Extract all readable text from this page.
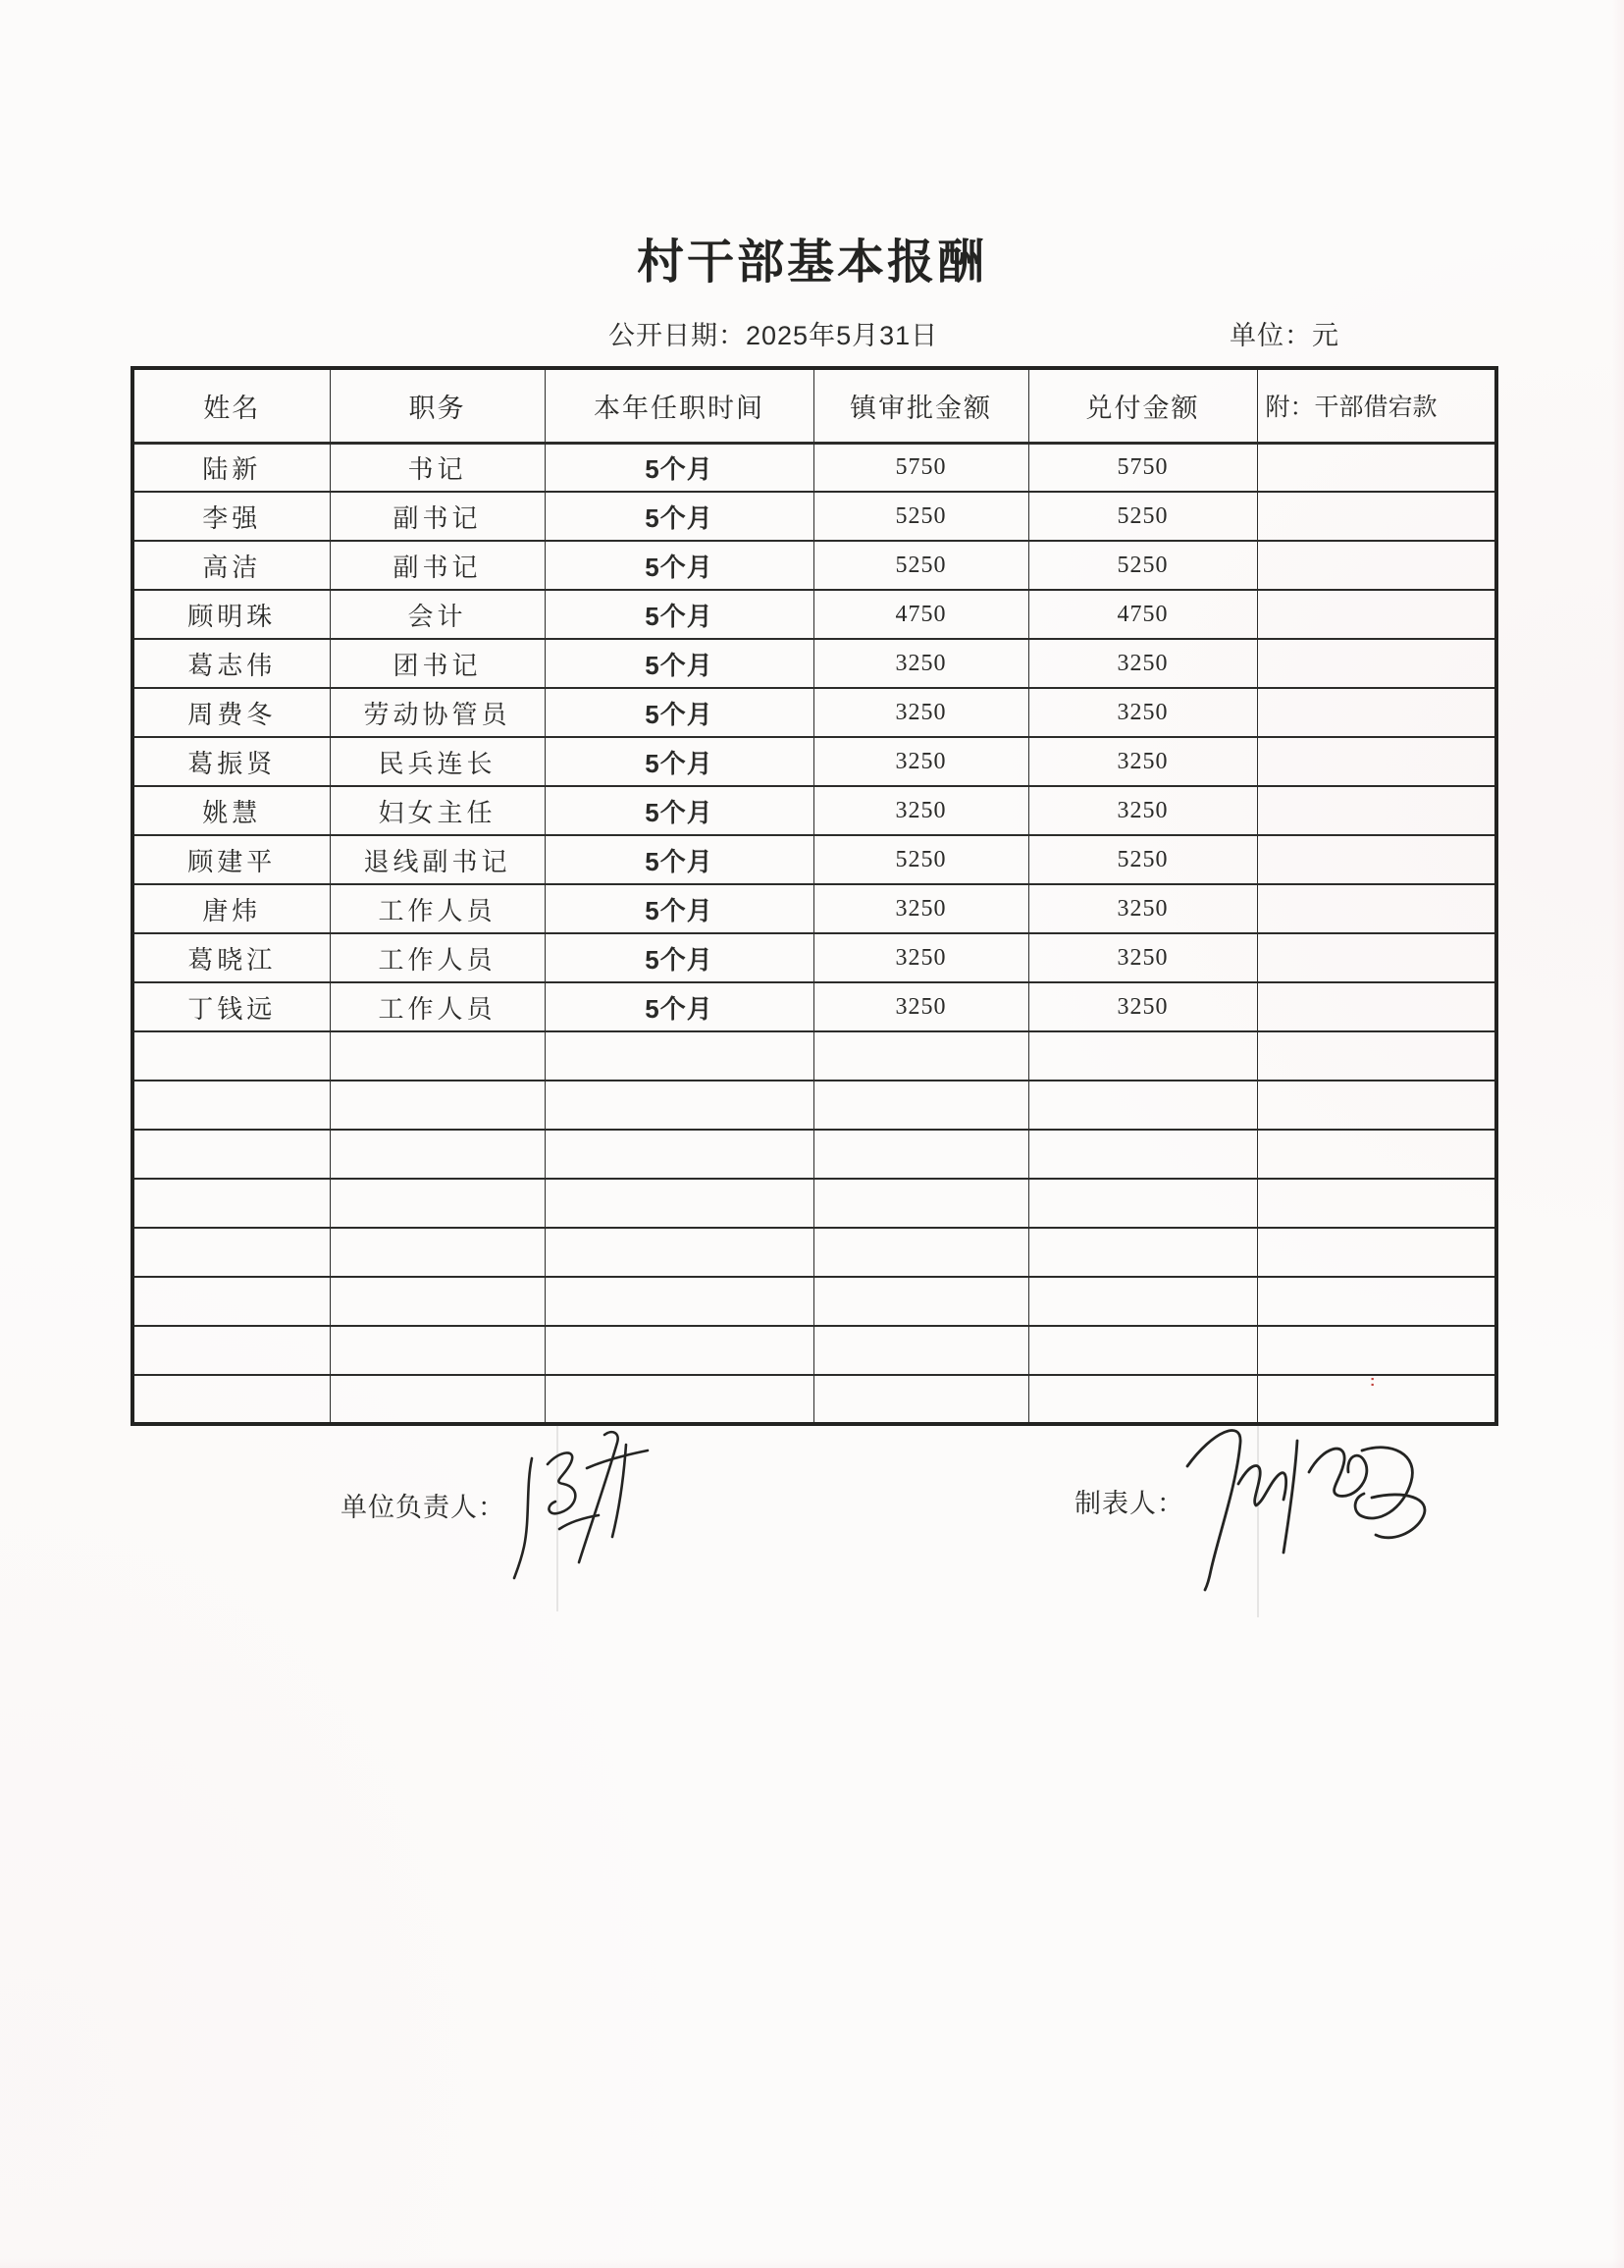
村干部基本报酬
公开日期：2025年5月31日	单位：元
姓名	职务	本年任职时间	镇审批金额	兑付金额	附：干部借宕款
陆新	书记	5个月	5750	5750	
李强	副书记	5个月	5250	5250	
高洁	副书记	5个月	5250	5250	
顾明珠	会计	5个月	4750	4750	
葛志伟	团书记	5个月	3250	3250	
周费冬	劳动协管员	5个月	3250	3250	
葛振贤	民兵连长	5个月	3250	3250	
姚慧	妇女主任	5个月	3250	3250	
顾建平	退线副书记	5个月	5250	5250	
唐炜	工作人员	5个月	3250	3250	
葛晓江	工作人员	5个月	3250	3250	
丁钱远	工作人员	5个月	3250	3250	

:
单位负责人：	制表人：
